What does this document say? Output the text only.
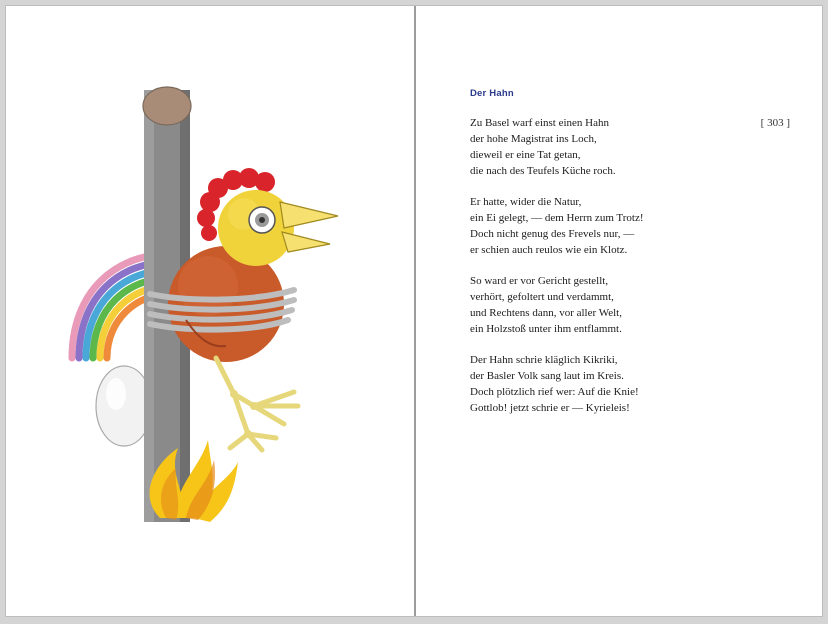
Der Hahn
[ 303 ]
Zu Basel warf einst einen Hahn
der hohe Magistrat ins Loch,
dieweil er eine Tat getan,
die nach des Teufels Küche roch.
Er hatte, wider die Natur,
ein Ei gelegt, — dem Herrn zum Trotz!
Doch nicht genug des Frevels nur, —
er schien auch reulos wie ein Klotz.
So ward er vor Gericht gestellt,
verhört, gefoltert und verdammt,
und Rechtens dann, vor aller Welt,
ein Holzstoß unter ihm entflammt.
Der Hahn schrie kläglich Kikriki,
der Basler Volk sang laut im Kreis.
Doch plötzlich rief wer: Auf die Knie!
Gottlob! jetzt schrie er — Kyrieleis!
